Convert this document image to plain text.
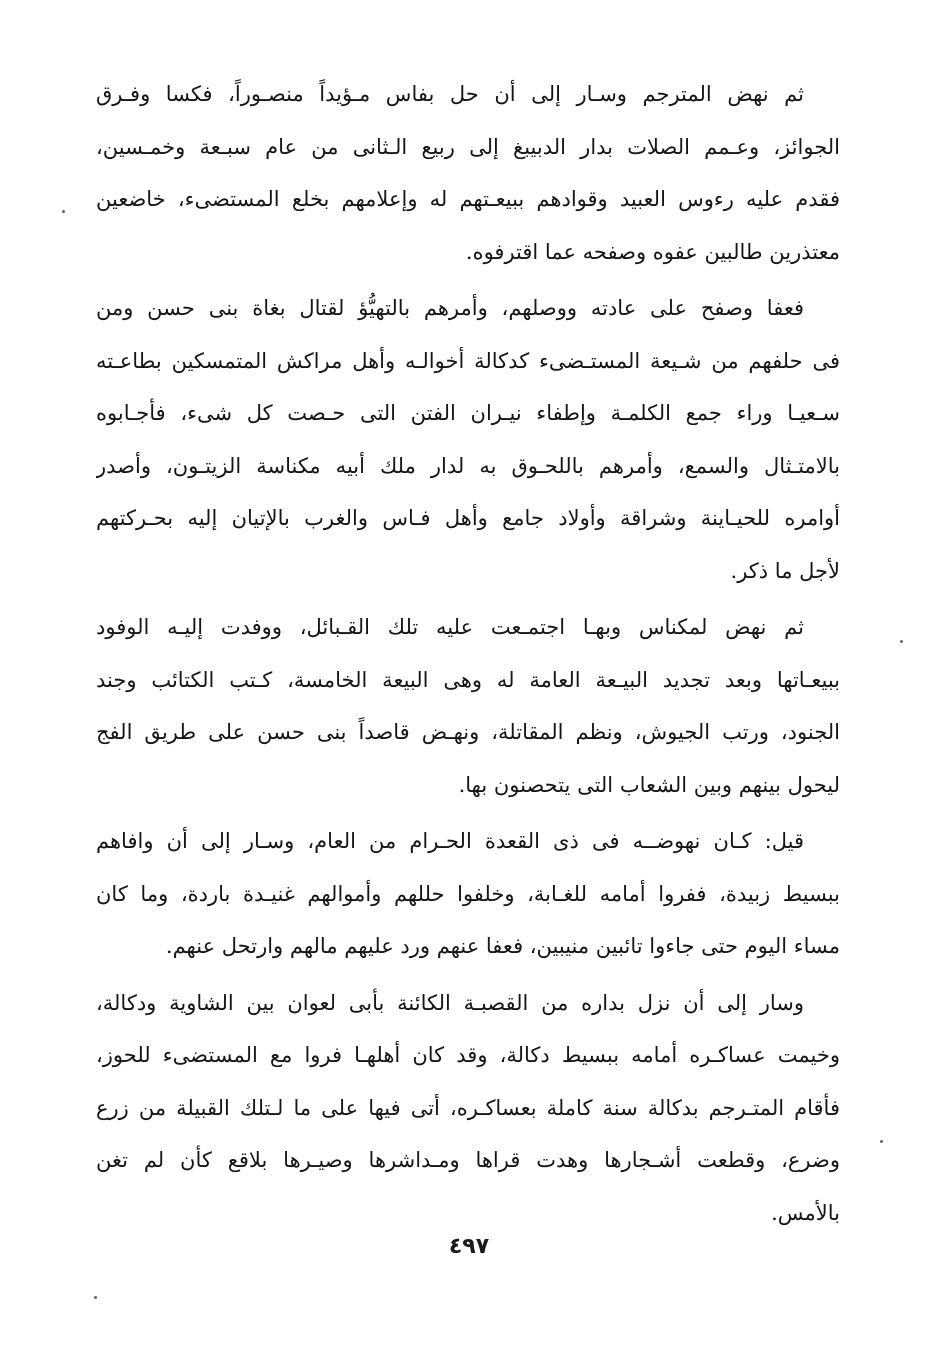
ثم نهض المترجم وسـار إلى أن حل بفاس مـؤيداً منصـوراً، فكسا وفـرق
الجوائز، وعـمم الصلات بدار الدبيبغ إلى ربيع الـثانى من عام سبـعة وخمـسين،
فقدم عليه رءوس العبيد وقوادهم ببيعـتهم له وإعلامهم بخلع المستضىء، خاضعين
معتذرين طالبين عفوه وصفحه عما اقترفوه.
فعفا وصفح على عادته ووصلهم، وأمرهم بالتهيُّؤ لقتال بغاة بنى حسن ومن
فى حلفهم من شـيعة المستـضىء كدكالة أخوالـه وأهل مراكش المتمسكين بطاعـته
سـعيـا وراء جمع الكلمـة وإطفاء نيـران الفتن التى حـصت كل شىء، فأجـابوه
بالامتـثال والسمع، وأمرهم باللحـوق به لدار ملك أبيه مكناسة الزيتـون، وأصدر
أوامره للحيـاينة وشراقة وأولاد جامع وأهل فـاس والغرب بالإتيان إليه بحـركتهم
لأجل ما ذكر.
ثم نهض لمكناس وبهـا اجتمـعت عليه تلك القـبائل، ووفدت إليـه الوفود
ببيعـاتها وبعد تجديد البيـعة العامة له وهى البيعة الخامسة، كـتب الكتائب وجند
الجنود، ورتب الجيوش، ونظم المقاتلة، ونهـض قاصداً بنى حسن على طريق الفج
ليحول بينهم وبين الشعاب التى يتحصنون بها.
قيل: كـان نهوضــه فى ذى القعدة الحـرام من العام، وسـار إلى أن وافاهم
ببسيط زبيدة، ففروا أمامه للغـابة، وخلفوا حللهم وأموالهم غنيـدة باردة، وما كان
مساء اليوم حتى جاءوا تائبين منيبين، فعفا عنهم ورد عليهم مالهم وارتحل عنهم.
وسار إلى أن نزل بداره من القصبـة الكائنة بأبى لعوان بين الشاوية ودكالة،
وخيمت عساكـره أمامه ببسيط دكالة، وقد كان أهلهـا فروا مع المستضىء للحوز،
فأقام المتـرجم بدكالة سنة كاملة بعساكـره، أتى فيها على ما لـتلك القبيلة من زرع
وضرع، وقطعت أشـجارها وهدت قراها ومـداشرها وصيـرها بلاقع كأن لم تغن
بالأمس.
٤٩٧
